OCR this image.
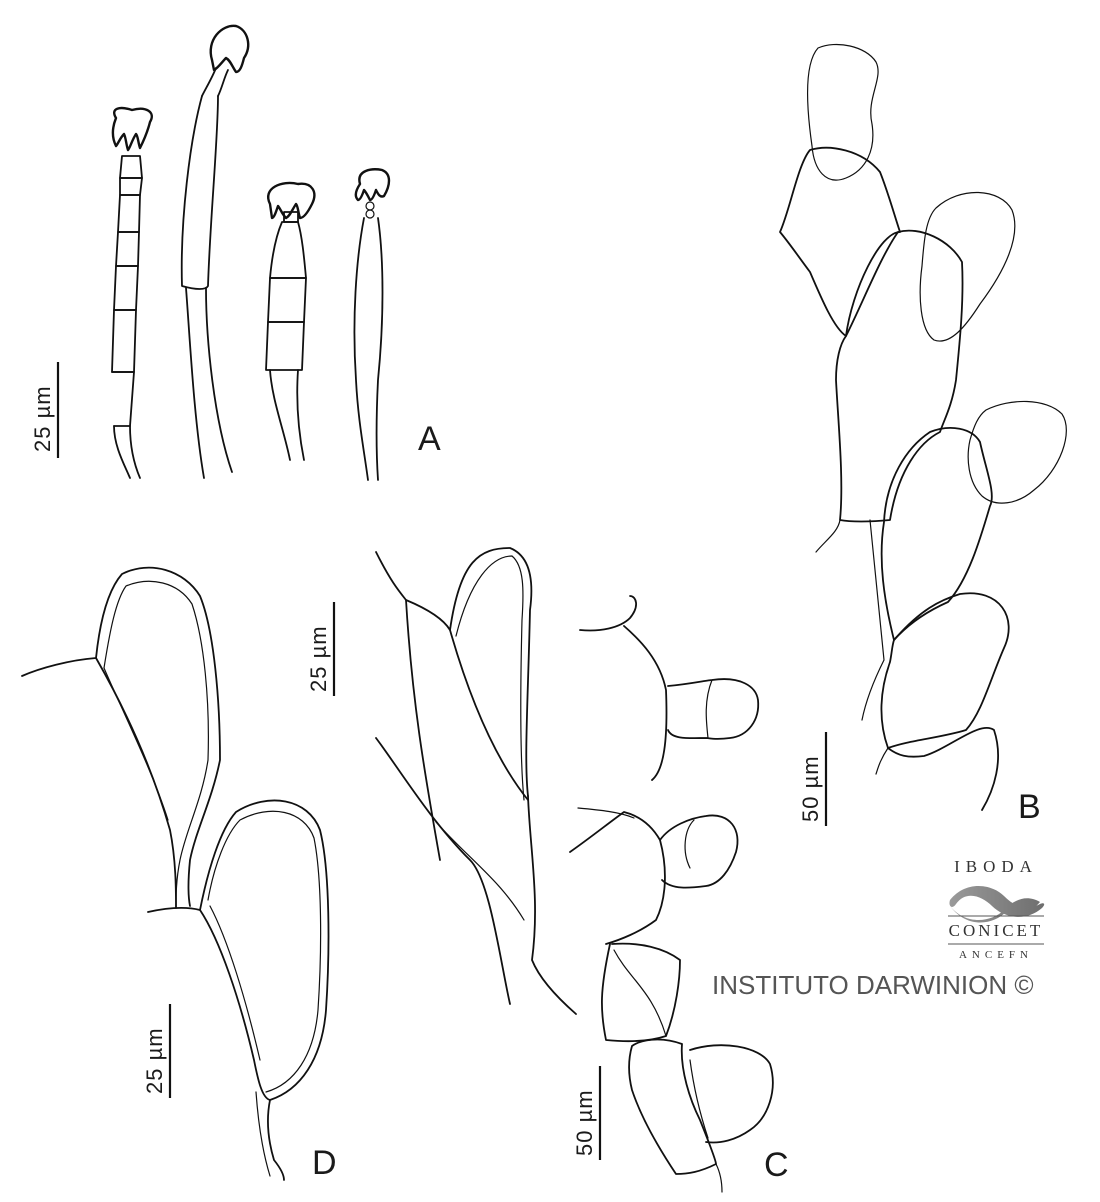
25 µm	A
50 µm	B
25 µm
50 µm
C
25 µm
D
IBODA
CONICET
ANCEFN
INSTITUTO DARWINION ©
